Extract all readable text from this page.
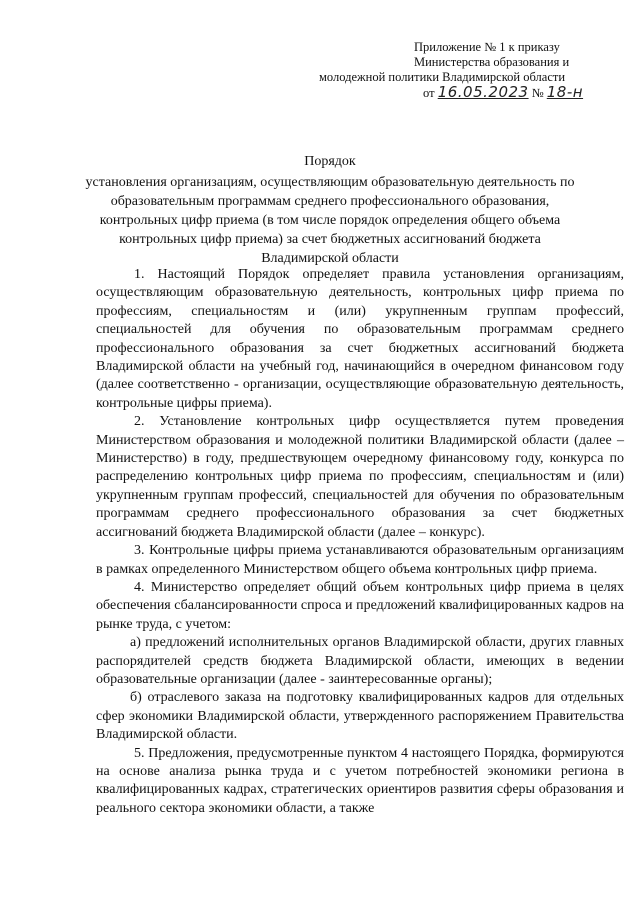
Приложение № 1 к приказу
Министерства образования и
молодежной политики Владимирской области
от 16.05.2023 № 18-н
Порядок
установления организациям, осуществляющим образовательную деятельность по
образовательным программам среднего профессионального образования,
контрольных цифр приема (в том числе порядок определения общего объема
контрольных цифр приема) за счет бюджетных ассигнований бюджета
Владимирской области

1. Настоящий Порядок определяет правила установления организациям, осуществляющим образовательную деятельность, контрольных цифр приема по профессиям, специальностям и (или) укрупненным группам профессий, специальностей для обучения по образовательным программам среднего профессионального образования за счет бюджетных ассигнований бюджета Владимирской области на учебный год, начинающийся в очередном финансовом году (далее соответственно - организации, осуществляющие образовательную деятельность, контрольные цифры приема).

2. Установление контрольных цифр осуществляется путем проведения Министерством образования и молодежной политики Владимирской области (далее – Министерство) в году, предшествующем очередному финансовому году, конкурса по распределению контрольных цифр приема по профессиям, специальностям и (или) укрупненным группам профессий, специальностей для обучения по образовательным программам среднего профессионального образования за счет бюджетных ассигнований бюджета Владимирской области (далее – конкурс).

3. Контрольные цифры приема устанавливаются образовательным организациям в рамках определенного Министерством общего объема контрольных цифр приема.

4. Министерство определяет общий объем контрольных цифр приема в целях обеспечения сбалансированности спроса и предложений квалифицированных кадров на рынке труда, с учетом:

а) предложений исполнительных органов Владимирской области, других главных распорядителей средств бюджета Владимирской области, имеющих в ведении образовательные организации (далее - заинтересованные органы);

б) отраслевого заказа на подготовку квалифицированных кадров для отдельных сфер экономики Владимирской области, утвержденного распоряжением Правительства Владимирской области.

5. Предложения, предусмотренные пунктом 4 настоящего Порядка, формируются на основе анализа рынка труда и с учетом потребностей экономики региона в квалифицированных кадрах, стратегических ориентиров развития сферы образования и реального сектора экономики области, а также
